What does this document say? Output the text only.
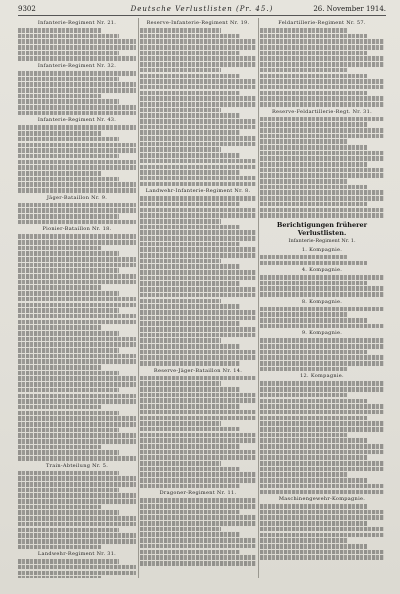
9302	Deutsche Verlustlisten (Pr. 45.)	26. November 1914.
Infanterie-Regiment Nr. 21.
Infanterie-Regiment Nr. 32.
Infanterie-Regiment Nr. 43.
Jäger-Bataillon Nr. 9.
Pionier-Bataillon Nr. 18.
Train-Abteilung Nr. 5.
Landwehr-Regiment Nr. 31.
Reserve-Infanterie-Regiment Nr. 19.
Landwehr-Infanterie-Regiment Nr. 8.
Reserve-Jäger-Bataillon Nr. 14.
Dragoner-Regiment Nr. 11.
Feldartillerie-Regiment Nr. 57.
Reserve-Feldartillerie-Regt. Nr. 31.
Berichtigungen früherer Verlustlisten.
Infanterie-Regiment Nr. 1.
1. Kompagnie.
4. Kompagnie.
8. Kompagnie.
9. Kompagnie.
12. Kompagnie.
Maschinengewehr-Kompagnie.
